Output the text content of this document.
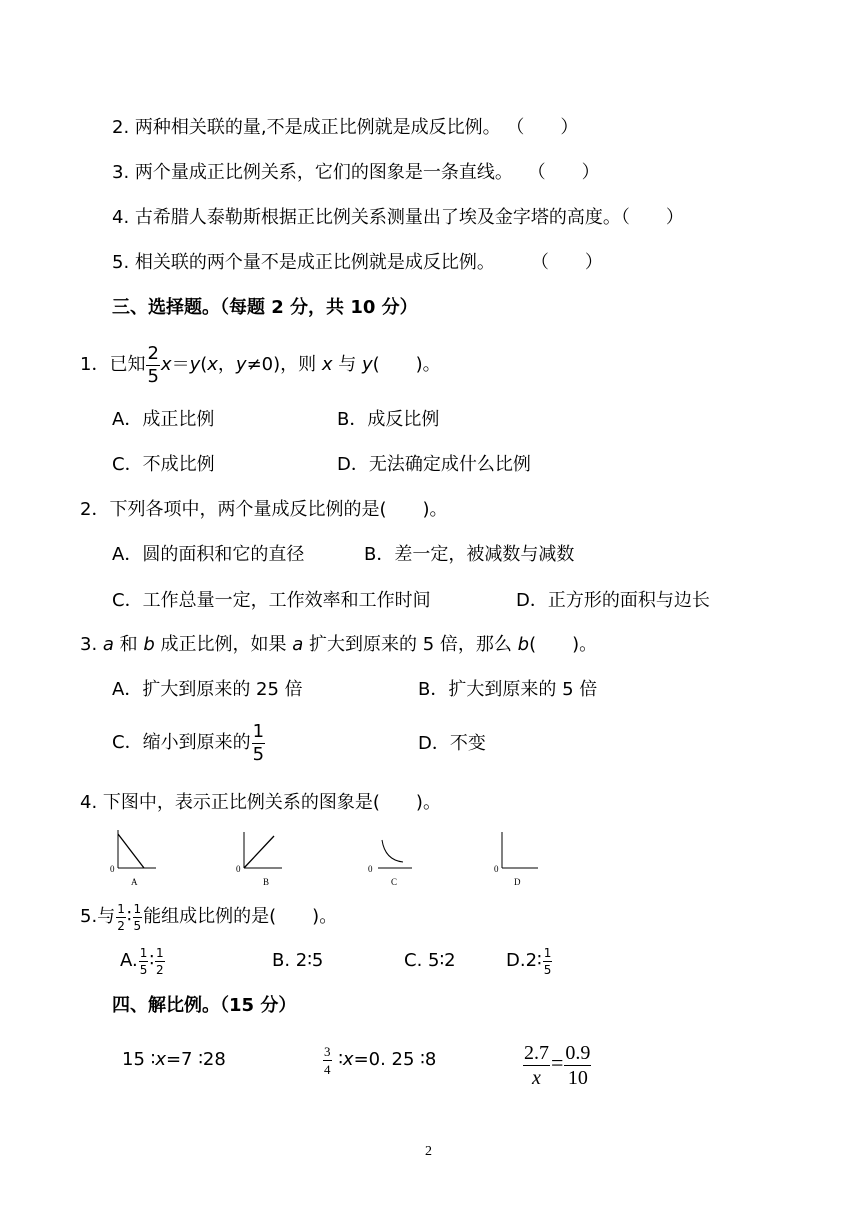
2. 两种相关联的量,不是成正比例就是成反比例。 （　　）
3. 两个量成正比例关系，它们的图象是一条直线。　 （　　）
4. 古希腊人泰勒斯根据正比例关系测量出了埃及金字塔的高度。（　　）
5. 相关联的两个量不是成正比例就是成反比例。　　　（　　）
三、选择题。（每题 2 分，共 10 分）
1．已知 $\frac{2}{5} x=y(x$，y≠0)，则 x 与 y(　　)。
A．成正比例	B．成反比例
C．不成比例	D．无法确定成什么比例
2．下列各项中，两个量成反比例的是(　　)。
A．圆的面积和它的直径	B．差一定，被减数与减数
C．工作总量一定，工作效率和工作时间	D．正方形的面积与边长
3. a 和 b 成正比例，如果 a 扩大到原来的 5 倍，那么 b(　　)。
A．扩大到原来的 25 倍	B．扩大到原来的 5 倍
C．缩小到原来的 $\frac{1}{5}$	D．不变
4. 下图中，表示正比例关系的图象是(　　)。
0
A
0
B
0
C
0
D
5.与 $\frac{1}{2}$ ∶ $\frac{1}{5}$ 能组成比例的是(　　)。
A. $\frac{1}{5}$ ∶ $\frac{1}{2}$	B. 2∶5	C. 5∶2	D.2∶ $\frac{1}{5}$
四、解比例。（15 分）
15 ∶x=7 ∶28	$\frac{3}{4}$ ∶x=0. 25 ∶8	$\frac{2.7}{x} = \frac{0.9}{10}$
2
